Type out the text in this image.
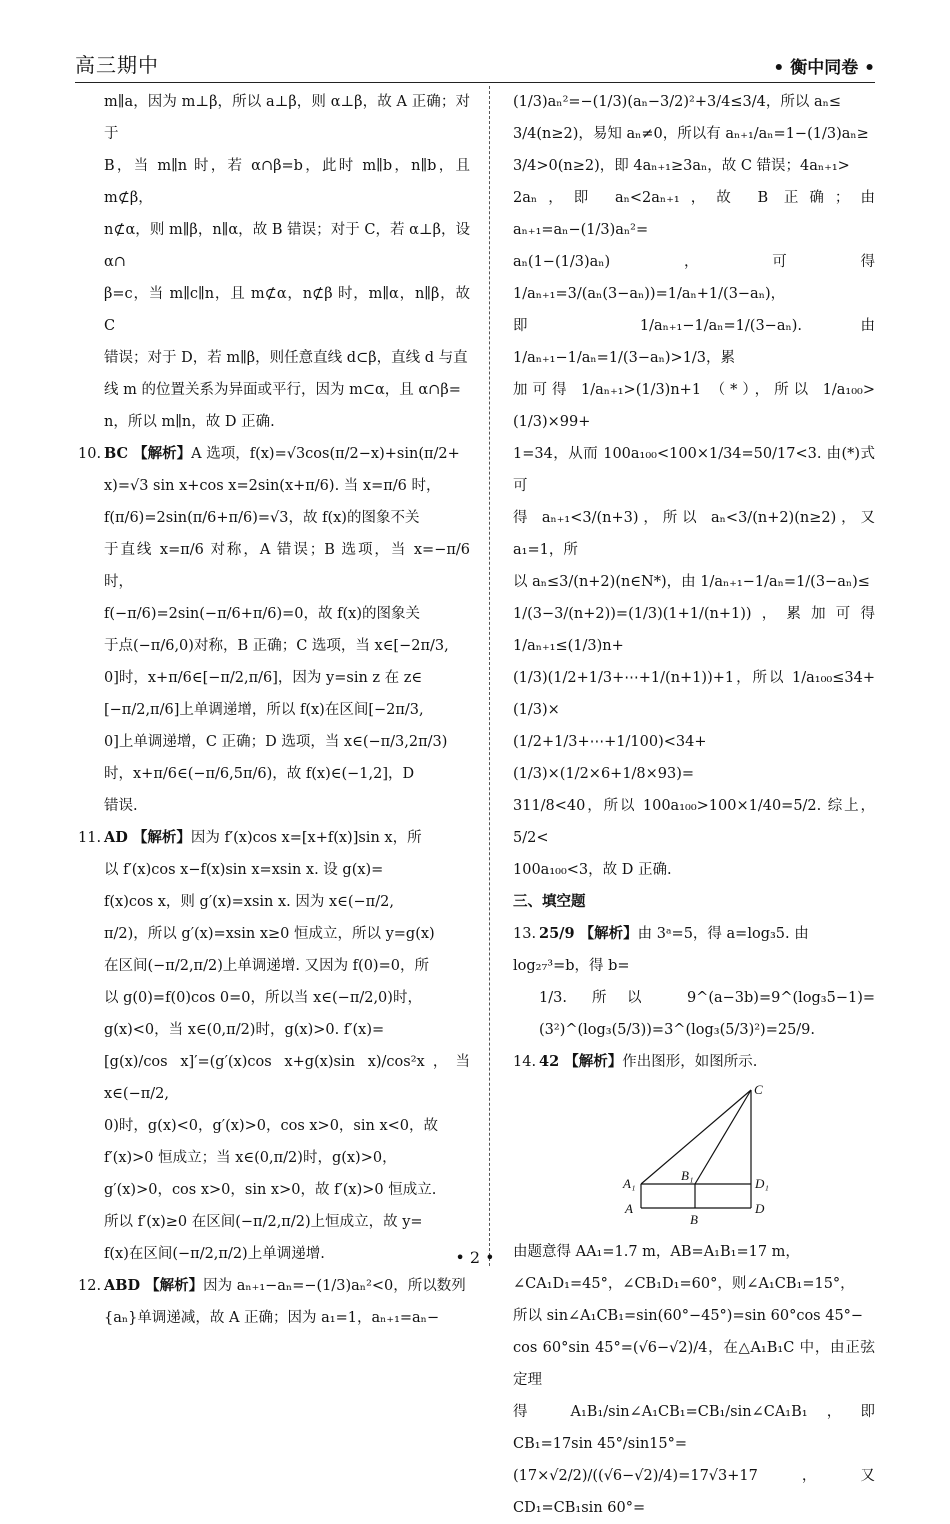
高三期中	• 衡中同卷 •

m∥a，因为 m⊥β，所以 a⊥β，则 α⊥β，故 A 正确；对于

B，当 m∥n 时，若 α∩β=b，此时 m∥b，n∥b，且 m⊄β，

n⊄α，则 m∥β，n∥α，故 B 错误；对于 C，若 α⊥β，设 α∩

β=c，当 m∥c∥n，且 m⊄α，n⊄β 时，m∥α，n∥β，故 C

错误；对于 D，若 m∥β，则任意直线 d⊂β，直线 d 与直

线 m 的位置关系为异面或平行，因为 m⊂α，且 α∩β=

n，所以 m∥n，故 D 正确.

10. BC 【解析】A 选项，f(x)=√3cos(π/2−x)+sin(π/2+

x)=√3 sin x+cos x=2sin(x+π/6). 当 x=π/6 时，

f(π/6)=2sin(π/6+π/6)=√3，故 f(x)的图象不关

于直线 x=π/6 对称，A 错误；B 选项，当 x=−π/6 时，

f(−π/6)=2sin(−π/6+π/6)=0，故 f(x)的图象关

于点(−π/6,0)对称，B 正确；C 选项，当 x∈[−2π/3,

0]时，x+π/6∈[−π/2,π/6]，因为 y=sin z 在 z∈

[−π/2,π/6]上单调递增，所以 f(x)在区间[−2π/3,

0]上单调递增，C 正确；D 选项，当 x∈(−π/3,2π/3)

时，x+π/6∈(−π/6,5π/6)，故 f(x)∈(−1,2]，D

错误.

11. AD 【解析】因为 f′(x)cos x=[x+f(x)]sin x，所

以 f′(x)cos x−f(x)sin x=xsin x. 设 g(x)=

f(x)cos x，则 g′(x)=xsin x. 因为 x∈(−π/2,

π/2)，所以 g′(x)=xsin x≥0 恒成立，所以 y=g(x)

在区间(−π/2,π/2)上单调递增. 又因为 f(0)=0，所

以 g(0)=f(0)cos 0=0，所以当 x∈(−π/2,0)时，

g(x)<0，当 x∈(0,π/2)时，g(x)>0. f′(x)=

[g(x)/cos x]′=(g′(x)cos x+g(x)sin x)/cos²x，当 x∈(−π/2,

0)时，g(x)<0，g′(x)>0，cos x>0，sin x<0，故

f′(x)>0 恒成立；当 x∈(0,π/2)时，g(x)>0，

g′(x)>0，cos x>0，sin x>0，故 f′(x)>0 恒成立.

所以 f′(x)≥0 在区间(−π/2,π/2)上恒成立，故 y=

f(x)在区间(−π/2,π/2)上单调递增.

12. ABD 【解析】因为 aₙ₊₁−aₙ=−(1/3)aₙ²<0，所以数列

{aₙ}单调递减，故 A 正确；因为 a₁=1，aₙ₊₁=aₙ−

(1/3)aₙ²=−(1/3)(aₙ−3/2)²+3/4≤3/4，所以 aₙ≤

3/4(n≥2)，易知 aₙ≠0，所以有 aₙ₊₁/aₙ=1−(1/3)aₙ≥

3/4>0(n≥2)，即 4aₙ₊₁≥3aₙ，故 C 错误；4aₙ₊₁>

2aₙ，即 aₙ<2aₙ₊₁，故 B 正确；由 aₙ₊₁=aₙ−(1/3)aₙ²=

aₙ(1−(1/3)aₙ)，可得 1/aₙ₊₁=3/(aₙ(3−aₙ))=1/aₙ+1/(3−aₙ)，

即 1/aₙ₊₁−1/aₙ=1/(3−aₙ). 由 1/aₙ₊₁−1/aₙ=1/(3−aₙ)>1/3，累

加可得 1/aₙ₊₁>(1/3)n+1 （*），所以 1/a₁₀₀>(1/3)×99+

1=34，从而 100a₁₀₀<100×1/34=50/17<3. 由(*)式可

得 aₙ₊₁<3/(n+3)，所以 aₙ<3/(n+2)(n≥2)，又 a₁=1，所

以 aₙ≤3/(n+2)(n∈N*)，由 1/aₙ₊₁−1/aₙ=1/(3−aₙ)≤

1/(3−3/(n+2))=(1/3)(1+1/(n+1))，累加可得 1/aₙ₊₁≤(1/3)n+

(1/3)(1/2+1/3+⋯+1/(n+1))+1，所以 1/a₁₀₀≤34+(1/3)×

(1/2+1/3+⋯+1/100)<34+(1/3)×(1/2×6+1/8×93)=

311/8<40，所以 100a₁₀₀>100×1/40=5/2. 综上，5/2<

100a₁₀₀<3，故 D 正确.

三、填空题

13. 25/9 【解析】由 3ᵃ=5，得 a=log₃5. 由 log₂₇³=b，得 b=

1/3. 所以 9^(a−3b)=9^(log₃5−1)=(3²)^(log₃(5/3))=3^(log₃(5/3)²)=25/9.

14. 42 【解析】作出图形，如图所示.

C
A₁
B₁
D₁
A
B
D

由题意得 AA₁=1.7 m，AB=A₁B₁=17 m，

∠CA₁D₁=45°，∠CB₁D₁=60°，则∠A₁CB₁=15°，

所以 sin∠A₁CB₁=sin(60°−45°)=sin 60°cos 45°−

cos 60°sin 45°=(√6−√2)/4，在△A₁B₁C 中，由正弦定理

得 A₁B₁/sin∠A₁CB₁=CB₁/sin∠CA₁B₁，即 CB₁=17sin 45°/sin15°=

(17×√2/2)/((√6−√2)/4)=17√3+17，又 CD₁=CB₁sin 60°=

• 2 •
